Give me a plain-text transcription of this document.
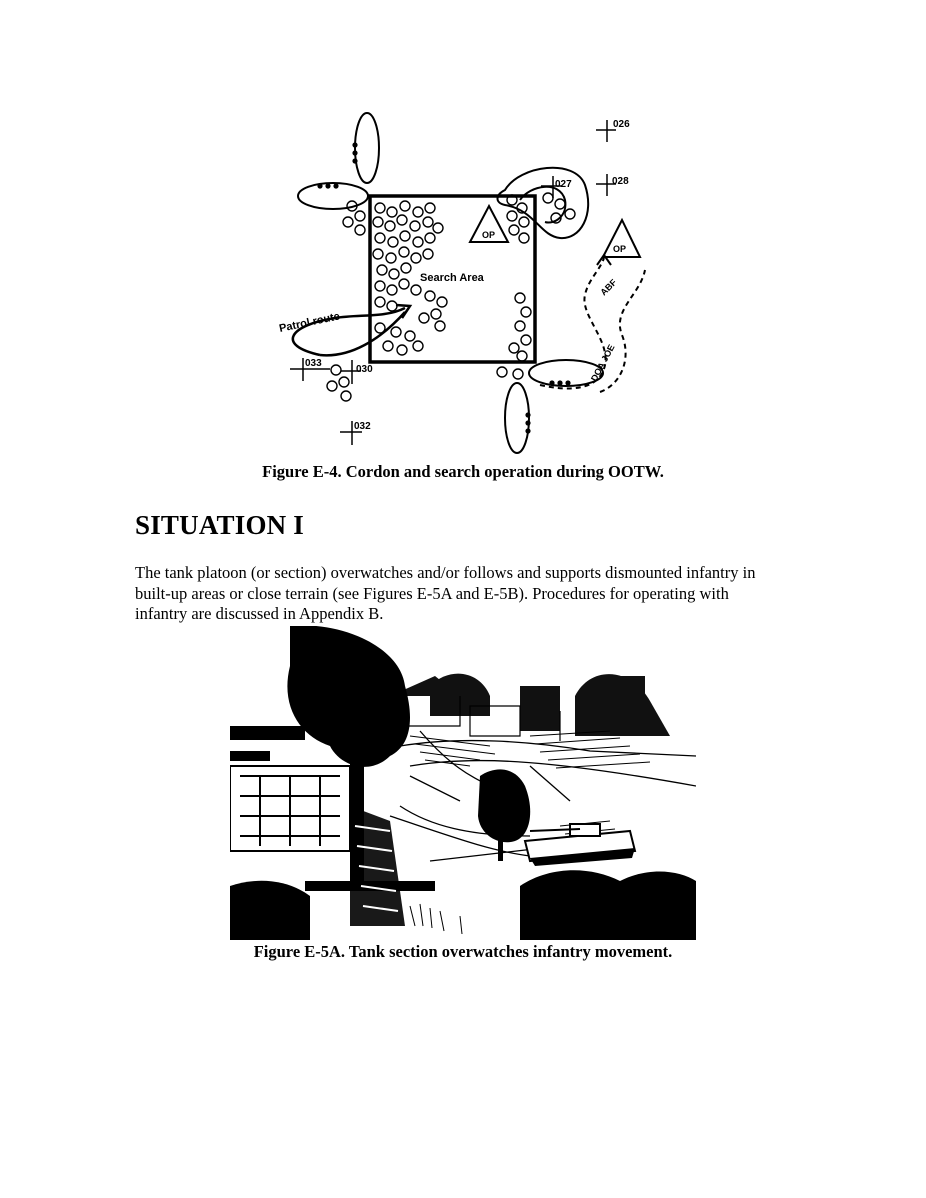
Search Area
Patrol route
OP
OP
ABF
DOA JOE
026
027	028
033
030
032
Figure E-4. Cordon and search operation during OOTW.
SITUATION I

The tank platoon (or section) overwatches and/or follows and supports dismounted infantry in built-up areas or close terrain (see Figures E-5A and E-5B). Procedures for operating with infantry are discussed in Appendix B.

Figure E-5A. Tank section overwatches infantry movement.
